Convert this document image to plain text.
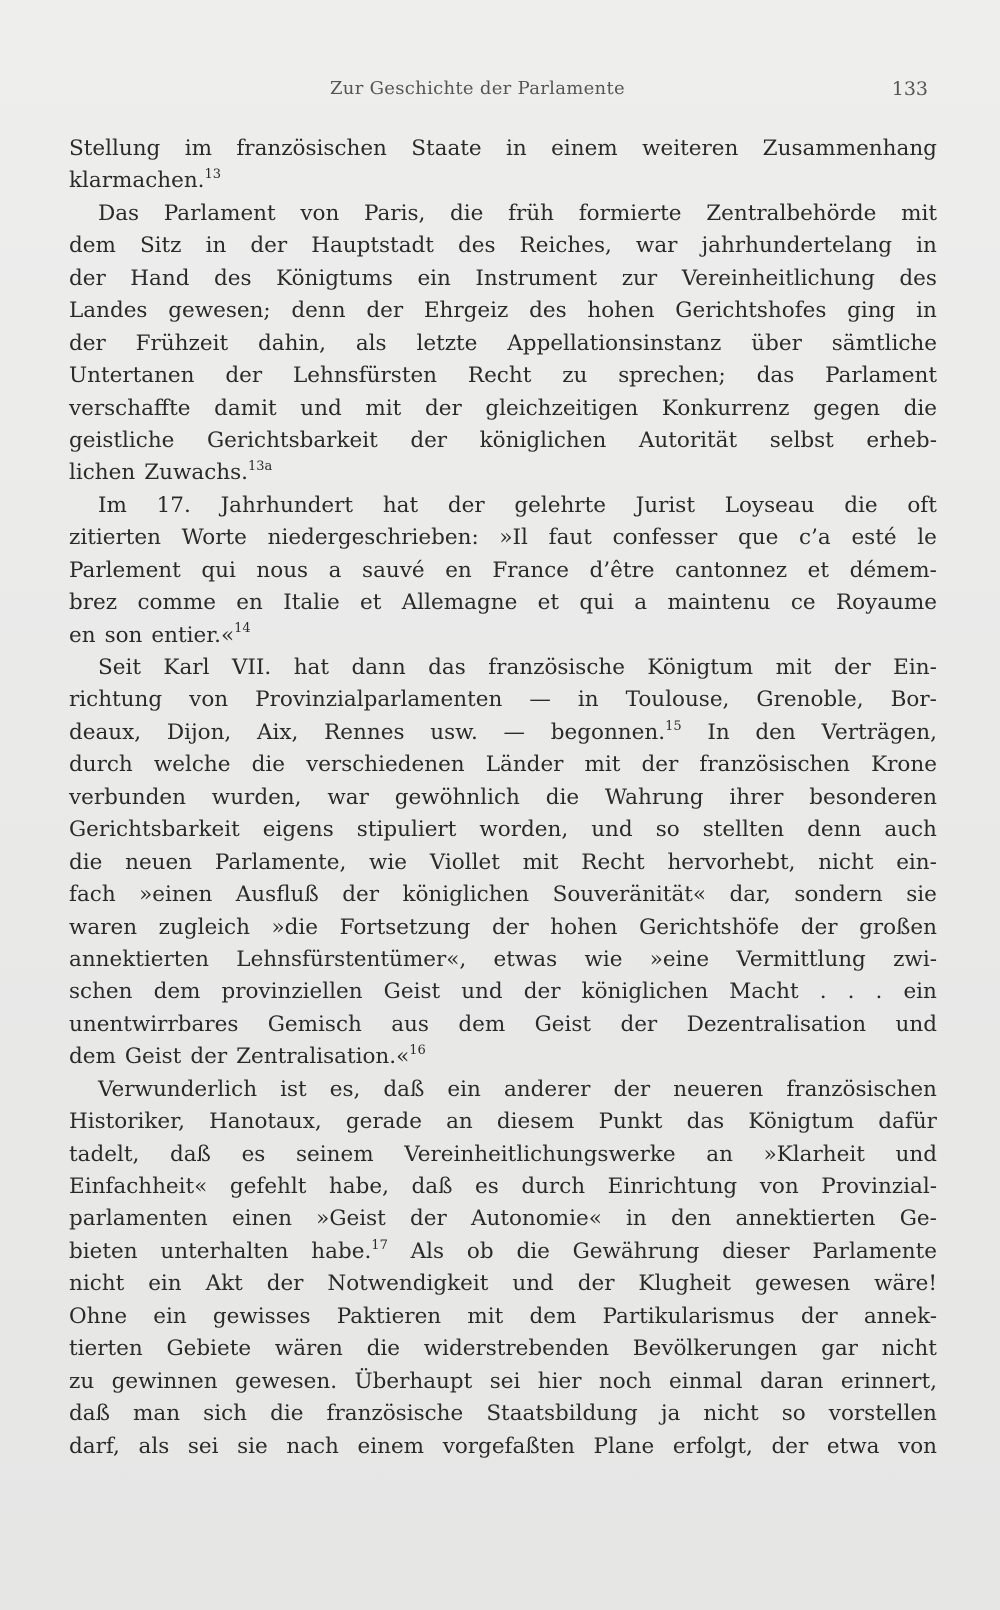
Zur Geschichte der Parlamente	133
Stellung im französischen Staate in einem weiteren Zusammenhang
klarmachen.$^{13}$
Das Parlament von Paris, die früh formierte Zentralbehörde mit
dem Sitz in der Hauptstadt des Reiches, war jahrhundertelang in
der Hand des Königtums ein Instrument zur Vereinheitlichung des
Landes gewesen; denn der Ehrgeiz des hohen Gerichtshofes ging in
der Frühzeit dahin, als letzte Appellationsinstanz über sämtliche
Untertanen der Lehnsfürsten Recht zu sprechen; das Parlament
verschaffte damit und mit der gleichzeitigen Konkurrenz gegen die
geistliche Gerichtsbarkeit der königlichen Autorität selbst erheb-
lichen Zuwachs.$^{13a}$
Im 17. Jahrhundert hat der gelehrte Jurist Loyseau die oft
zitierten Worte niedergeschrieben: »Il faut confesser que c’a esté le
Parlement qui nous a sauvé en France d’être cantonnez et démem-
brez comme en Italie et Allemagne et qui a maintenu ce Royaume
en son entier.«$^{14}$
Seit Karl VII. hat dann das französische Königtum mit der Ein-
richtung von Provinzialparlamenten — in Toulouse, Grenoble, Bor-
deaux, Dijon, Aix, Rennes usw. — begonnen.$^{15}$ In den Verträgen,
durch welche die verschiedenen Länder mit der französischen Krone
verbunden wurden, war gewöhnlich die Wahrung ihrer besonderen
Gerichtsbarkeit eigens stipuliert worden, und so stellten denn auch
die neuen Parlamente, wie Viollet mit Recht hervorhebt, nicht ein-
fach »einen Ausfluß der königlichen Souveränität« dar, sondern sie
waren zugleich »die Fortsetzung der hohen Gerichtshöfe der großen
annektierten Lehnsfürstentümer«, etwas wie »eine Vermittlung zwi-
schen dem provinziellen Geist und der königlichen Macht . . . ein
unentwirrbares Gemisch aus dem Geist der Dezentralisation und
dem Geist der Zentralisation.«$^{16}$
Verwunderlich ist es, daß ein anderer der neueren französischen
Historiker, Hanotaux, gerade an diesem Punkt das Königtum dafür
tadelt, daß es seinem Vereinheitlichungswerke an »Klarheit und
Einfachheit« gefehlt habe, daß es durch Einrichtung von Provinzial-
parlamenten einen »Geist der Autonomie« in den annektierten Ge-
bieten unterhalten habe.$^{17}$ Als ob die Gewährung dieser Parlamente
nicht ein Akt der Notwendigkeit und der Klugheit gewesen wäre!
Ohne ein gewisses Paktieren mit dem Partikularismus der annek-
tierten Gebiete wären die widerstrebenden Bevölkerungen gar nicht
zu gewinnen gewesen. Überhaupt sei hier noch einmal daran erinnert,
daß man sich die französische Staatsbildung ja nicht so vorstellen
darf, als sei sie nach einem vorgefaßten Plane erfolgt, der etwa von
